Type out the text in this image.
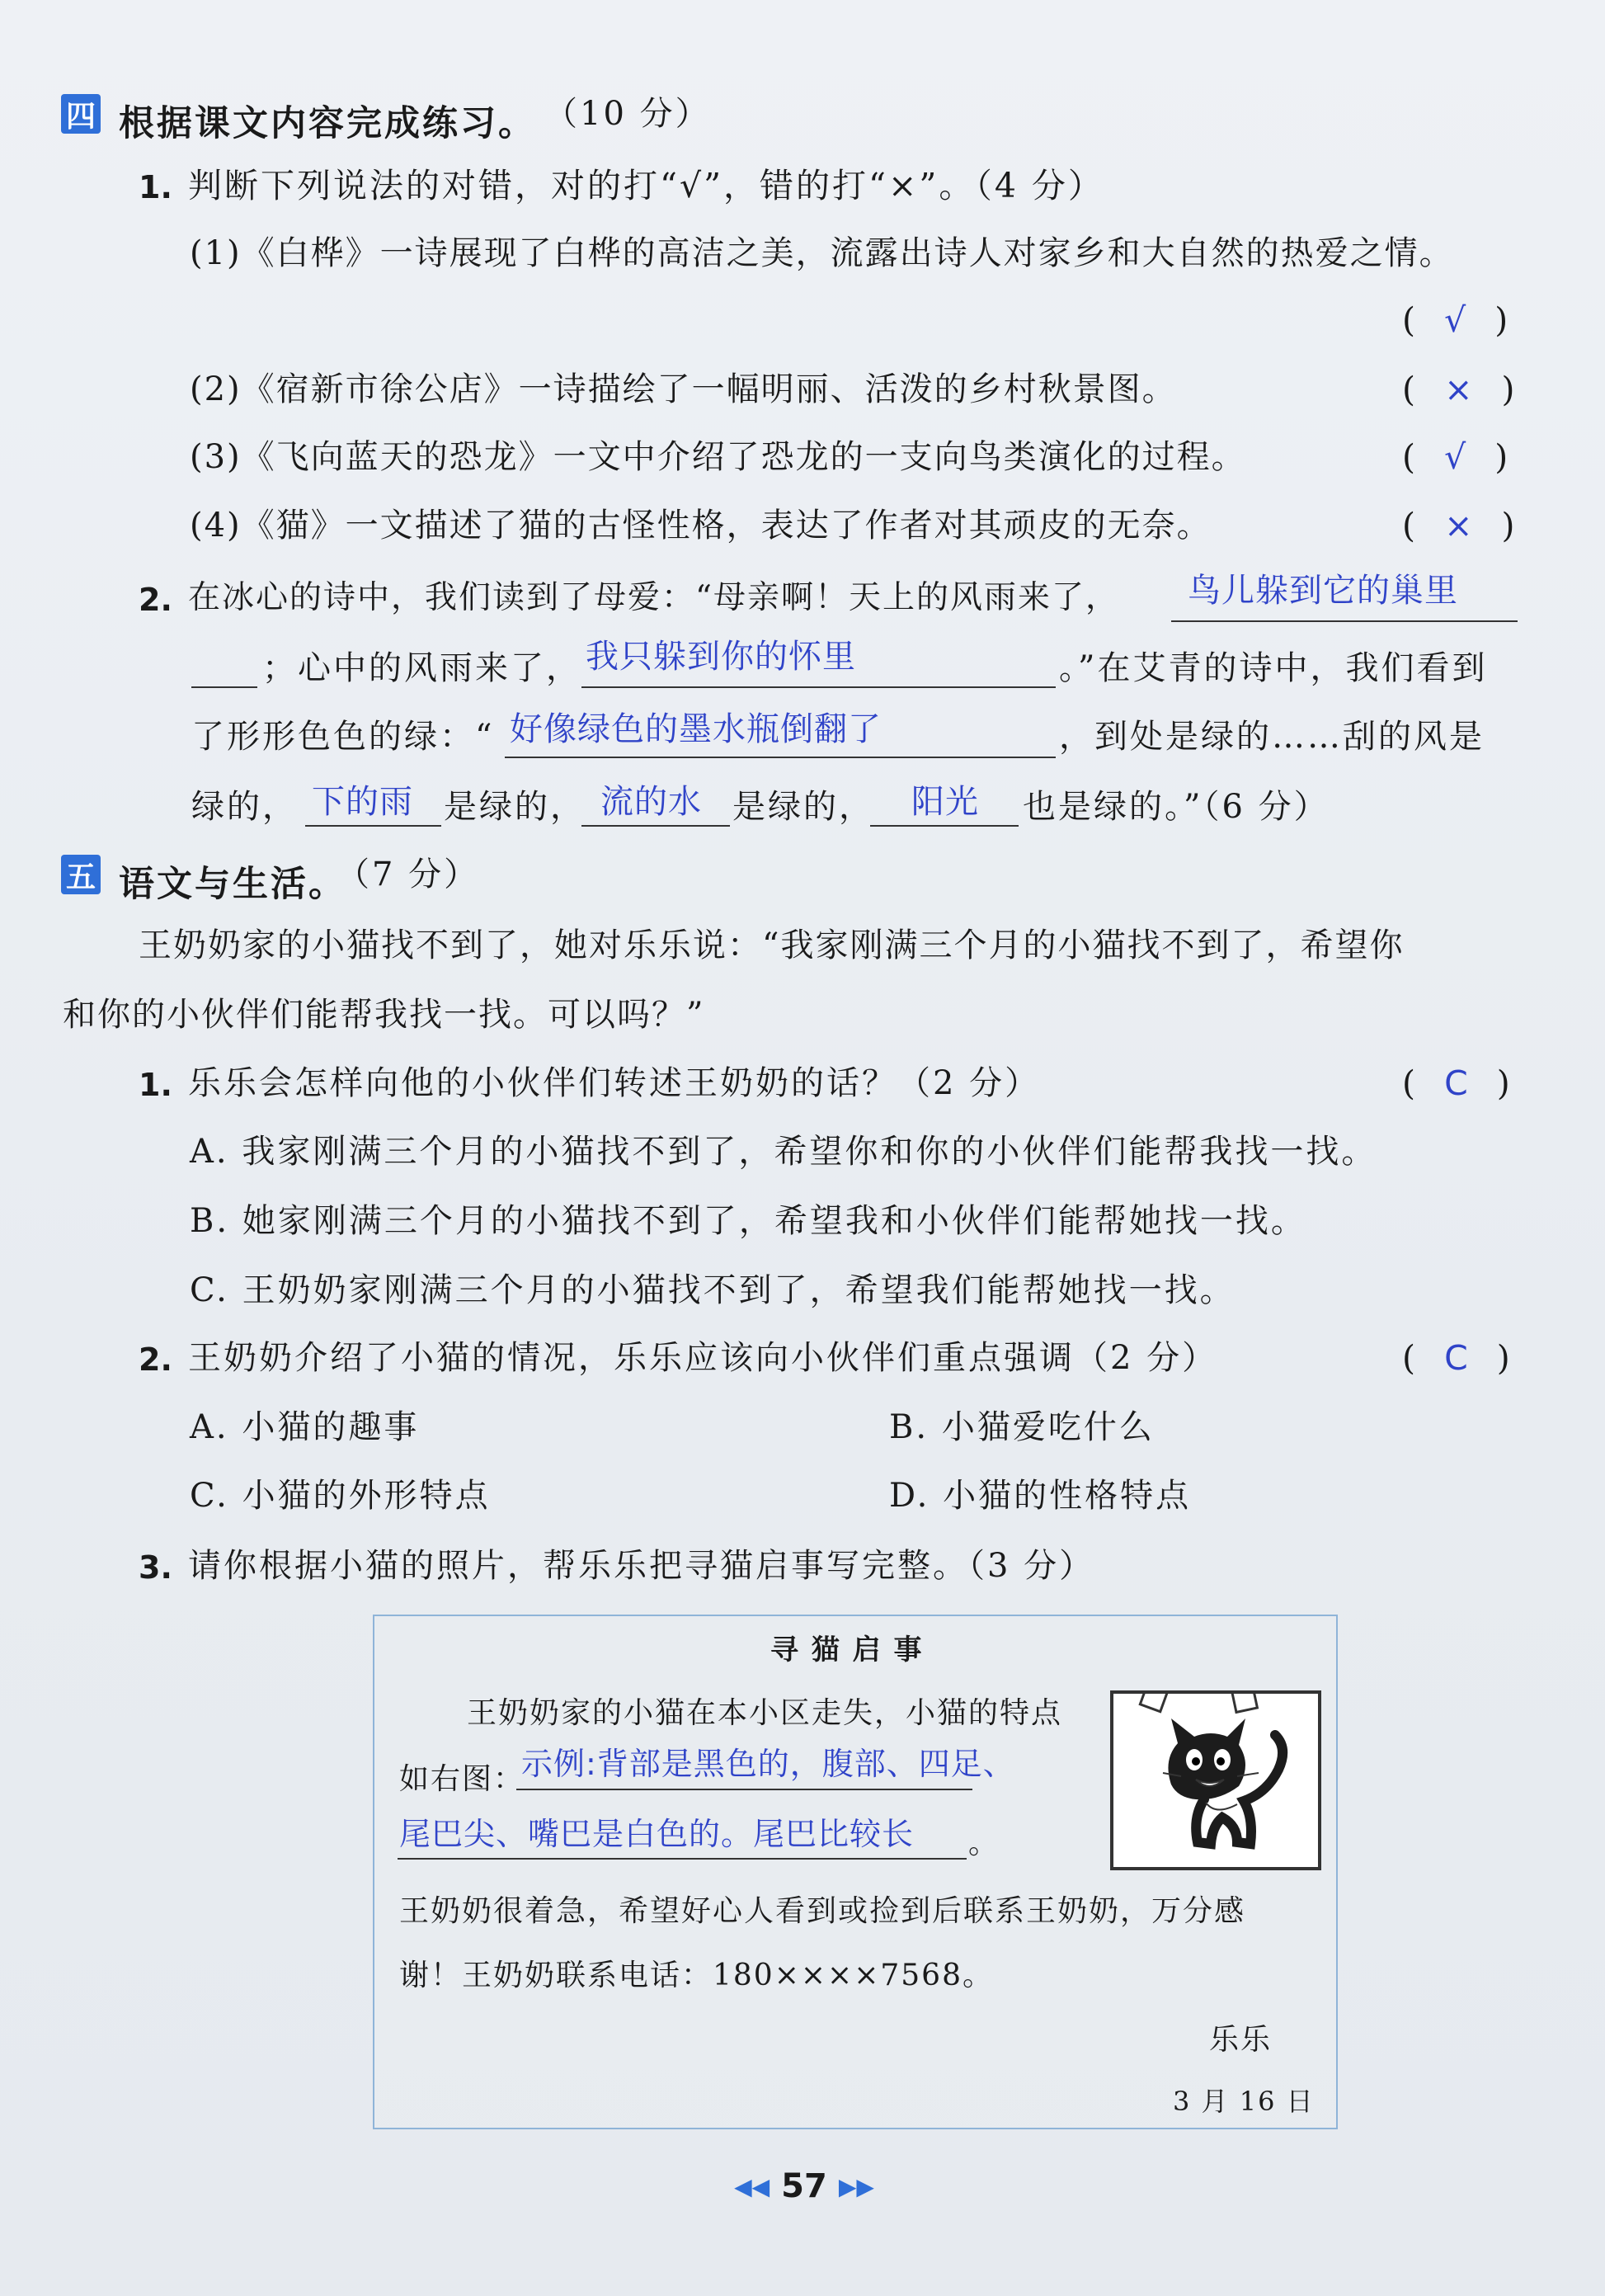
四 根据课文内容完成练习。 （10 分）
1. 判断下列说法的对错，对的打“√”，错的打“×”。（4 分）
(1)《白桦》一诗展现了白桦的高洁之美，流露出诗人对家乡和大自然的热爱之情。
(  √  )
(2)《宿新市徐公店》一诗描绘了一幅明丽、活泼的乡村秋景图。	(  ×  )
(3)《飞向蓝天的恐龙》一文中介绍了恐龙的一支向鸟类演化的过程。	(  √  )
(4)《猫》一文描述了猫的古怪性格，表达了作者对其顽皮的无奈。	(  ×  )
2. 在冰心的诗中，我们读到了母爱：“母亲啊！天上的风雨来了， 鸟儿躲到它的巢里
；心中的风雨来了， 我只躲到你的怀里	。”在艾青的诗中，我们看到
了形形色色的绿：“ 好像绿色的墨水瓶倒翻了	，到处是绿的……刮的风是
绿的， 下的雨 是绿的， 流的水 是绿的， 阳光 也是绿的。”（6 分）
五 语文与生活。
（7 分）
王奶奶家的小猫找不到了，她对乐乐说：“我家刚满三个月的小猫找不到了，希望你
和你的小伙伴们能帮我找一找。可以吗？”
1. 乐乐会怎样向他的小伙伴们转述王奶奶的话？（2 分）	(  C  )
A. 我家刚满三个月的小猫找不到了，希望你和你的小伙伴们能帮我找一找。
B. 她家刚满三个月的小猫找不到了，希望我和小伙伴们能帮她找一找。
C. 王奶奶家刚满三个月的小猫找不到了，希望我们能帮她找一找。
2. 王奶奶介绍了小猫的情况，乐乐应该向小伙伴们重点强调（2 分）	(  C  )
A. 小猫的趣事	B. 小猫爱吃什么
C. 小猫的外形特点	D. 小猫的性格特点
3. 请你根据小猫的照片，帮乐乐把寻猫启事写完整。（3 分）
寻 猫 启 事
王奶奶家的小猫在本小区走失，小猫的特点
如右图：
示例:背部是黑色的，腹部、四足、
尾巴尖、嘴巴是白色的。尾巴比较长 。
王奶奶很着急，希望好心人看到或捡到后联系王奶奶，万分感
谢！王奶奶联系电话：180××××7568。
乐乐
3 月 16 日
◀◀ 57 ▶▶
